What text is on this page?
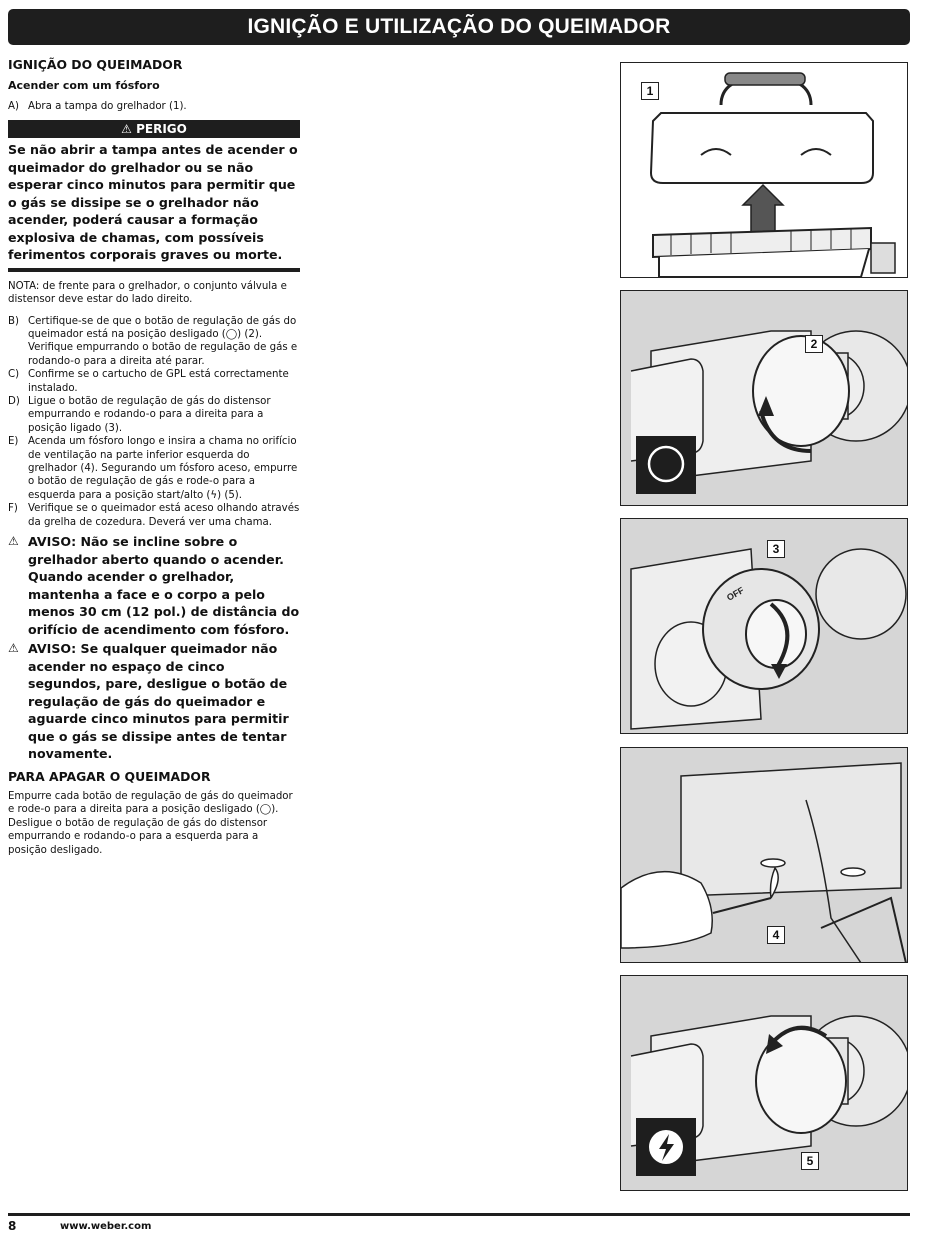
IGNIÇÃO E UTILIZAÇÃO DO QUEIMADOR
IGNIÇÃO DO QUEIMADOR
Acender com um fósforo
A) Abra a tampa do grelhador (1).
⚠ PERIGO
Se não abrir a tampa antes de acender o queimador do grelhador ou se não esperar cinco minutos para permitir que o gás se dissipe se o grelhador não acender, poderá causar a formação explosiva de chamas, com possíveis ferimentos corporais graves ou morte.
NOTA: de frente para o grelhador, o conjunto válvula e distensor deve estar do lado direito.
B) Certifique-se de que o botão de regulação de gás do queimador está na posição desligado (◯) (2). Verifique empurrando o botão de regulação de gás e rodando-o para a direita até parar.
C) Confirme se o cartucho de GPL está correctamente instalado.
D) Ligue o botão de regulação de gás do distensor empurrando e rodando-o para a direita para a posição ligado (3).
E) Acenda um fósforo longo e insira a chama no orifício de ventilação na parte inferior esquerda do grelhador (4). Segurando um fósforo aceso, empurre o botão de regulação de gás e rode-o para a esquerda para a posição start/alto (ϟ) (5).
F) Verifique se o queimador está aceso olhando através da grelha de cozedura. Deverá ver uma chama.
⚠ AVISO: Não se incline sobre o grelhador aberto quando o acender. Quando acender o grelhador, mantenha a face e o corpo a pelo menos 30 cm (12 pol.) de distância do orifício de acendimento com fósforo.
⚠ AVISO: Se qualquer queimador não acender no espaço de cinco segundos, pare, desligue o botão de regulação de gás do queimador e aguarde cinco minutos para permitir que o gás se dissipe antes de tentar novamente.
PARA APAGAR O QUEIMADOR
Empurre cada botão de regulação de gás do queimador e rode-o para a direita para a posição desligado (◯). Desligue o botão de regulação de gás do distensor empurrando e rodando-o para a esquerda para a posição desligado.
1
2
OFF
3
4
5
8	www.weber.com
